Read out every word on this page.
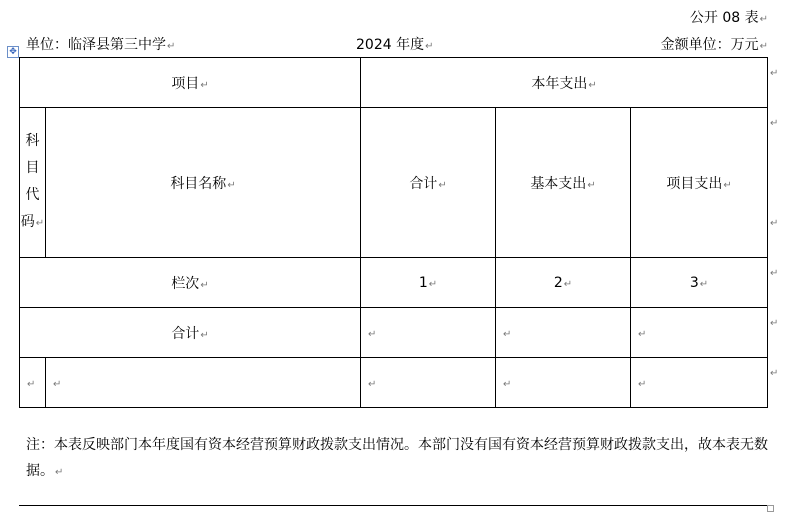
公开 08 表↵
单位：临泽县第三中学↵	2024 年度↵	金额单位：万元↵
✥
项目↵		本年支出↵		

科
目
代
码↵	科目名称↵	合计↵	基本支出↵	项目支出↵
栏次↵		1↵	2↵	3↵
合计↵		↵	↵	↵
↵	↵	↵	↵	↵
↵
↵
↵
↵
↵
↵
注：本表反映部门本年度国有资本经营预算财政拨款支出情况。本部门没有国有资本经营预算财政拨款支出，故本表无数据。↵
